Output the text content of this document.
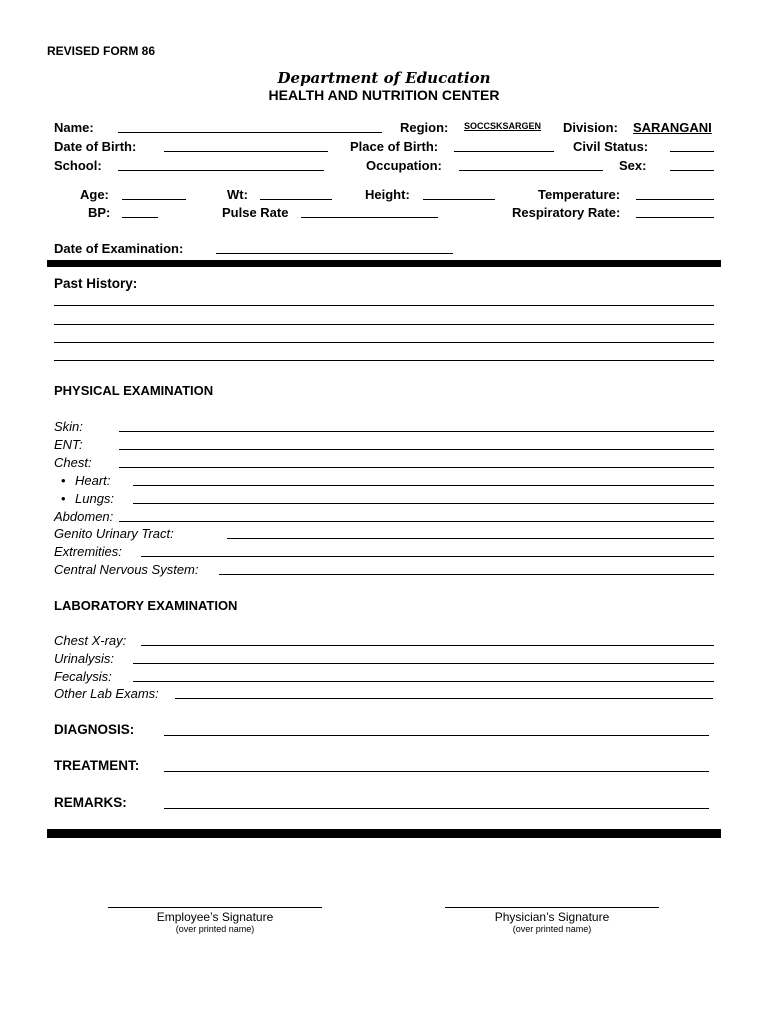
REVISED FORM 86
Department of Education
HEALTH AND NUTRITION CENTER
Name:	Region: SOCCSKSARGEN Division: SARANGANI
Date of Birth:	Place of Birth:	Civil Status:
School:	Occupation:	Sex:
Age:	Wt:	Height:	Temperature:
BP:	Pulse Rate	Respiratory Rate:
Date of Examination:
Past History:
PHYSICAL EXAMINATION
Skin:
ENT:
Chest:
• Heart:
• Lungs:
Abdomen:
Genito Urinary Tract:
Extremities:
Central Nervous System:
LABORATORY EXAMINATION
Chest X-ray:
Urinalysis:
Fecalysis:
Other Lab Exams:
DIAGNOSIS:
TREATMENT:
REMARKS:
Employee’s Signature
(over printed name)
Physician’s Signature
(over printed name)
